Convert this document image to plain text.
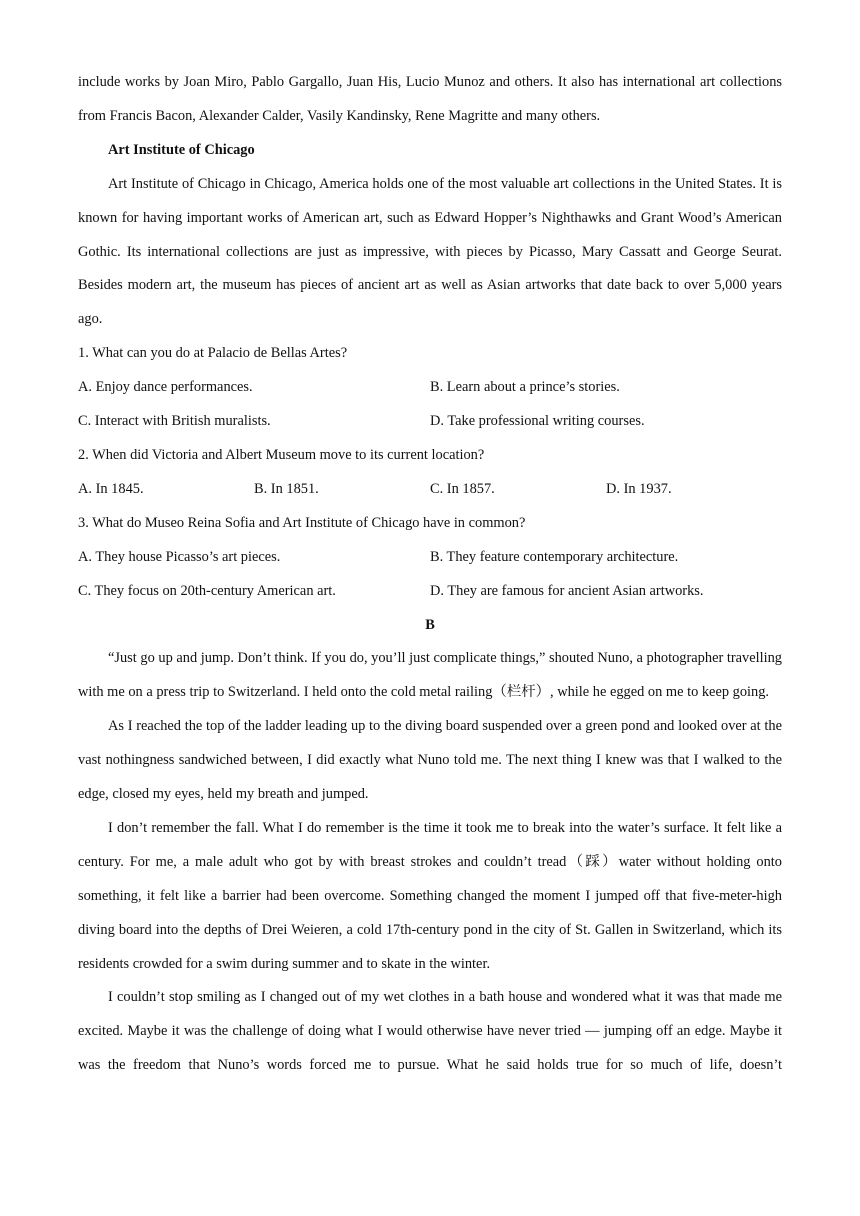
include works by Joan Miro, Pablo Gargallo, Juan His, Lucio Munoz and others. It also has international art collections from Francis Bacon, Alexander Calder, Vasily Kandinsky, Rene Magritte and many others.

Art Institute of Chicago

Art Institute of Chicago in Chicago, America holds one of the most valuable art collections in the United States. It is known for having important works of American art, such as Edward Hopper’s Nighthawks and Grant Wood’s American Gothic. Its international collections are just as impressive, with pieces by Picasso, Mary Cassatt and George Seurat. Besides modern art, the museum has pieces of ancient art as well as Asian artworks that date back to over 5,000 years ago.

1. What can you do at Palacio de Bellas Artes?

A. Enjoy dance performances.	B. Learn about a prince’s stories.
C. Interact with British muralists.	D. Take professional writing courses.

2. When did Victoria and Albert Museum move to its current location?

A. In 1845.	B. In 1851.	C. In 1857.	D. In 1937.

3. What do Museo Reina Sofia and Art Institute of Chicago have in common?

A. They house Picasso’s art pieces.	B. They feature contemporary architecture.
C. They focus on 20th-century American art.	D. They are famous for ancient Asian artworks.

B

“Just go up and jump. Don’t think. If you do, you’ll just complicate things,” shouted Nuno, a photographer travelling with me on a press trip to Switzerland. I held onto the cold metal railing（栏杆）, while he egged on me to keep going.

As I reached the top of the ladder leading up to the diving board suspended over a green pond and looked over at the vast nothingness sandwiched between, I did exactly what Nuno told me. The next thing I knew was that I walked to the edge, closed my eyes, held my breath and jumped.

I don’t remember the fall. What I do remember is the time it took me to break into the water’s surface. It felt like a century. For me, a male adult who got by with breast strokes and couldn’t tread（踩）water without holding onto something, it felt like a barrier had been overcome. Something changed the moment I jumped off that five-meter-high diving board into the depths of Drei Weieren, a cold 17th-century pond in the city of St. Gallen in Switzerland, which its residents crowded for a swim during summer and to skate in the winter.

I couldn’t stop smiling as I changed out of my wet clothes in a bath house and wondered what it was that made me excited. Maybe it was the challenge of doing what I would otherwise have never tried — jumping off an edge. Maybe it was the freedom that Nuno’s words forced me to pursue. What he said holds true for so much of life, doesn’t
